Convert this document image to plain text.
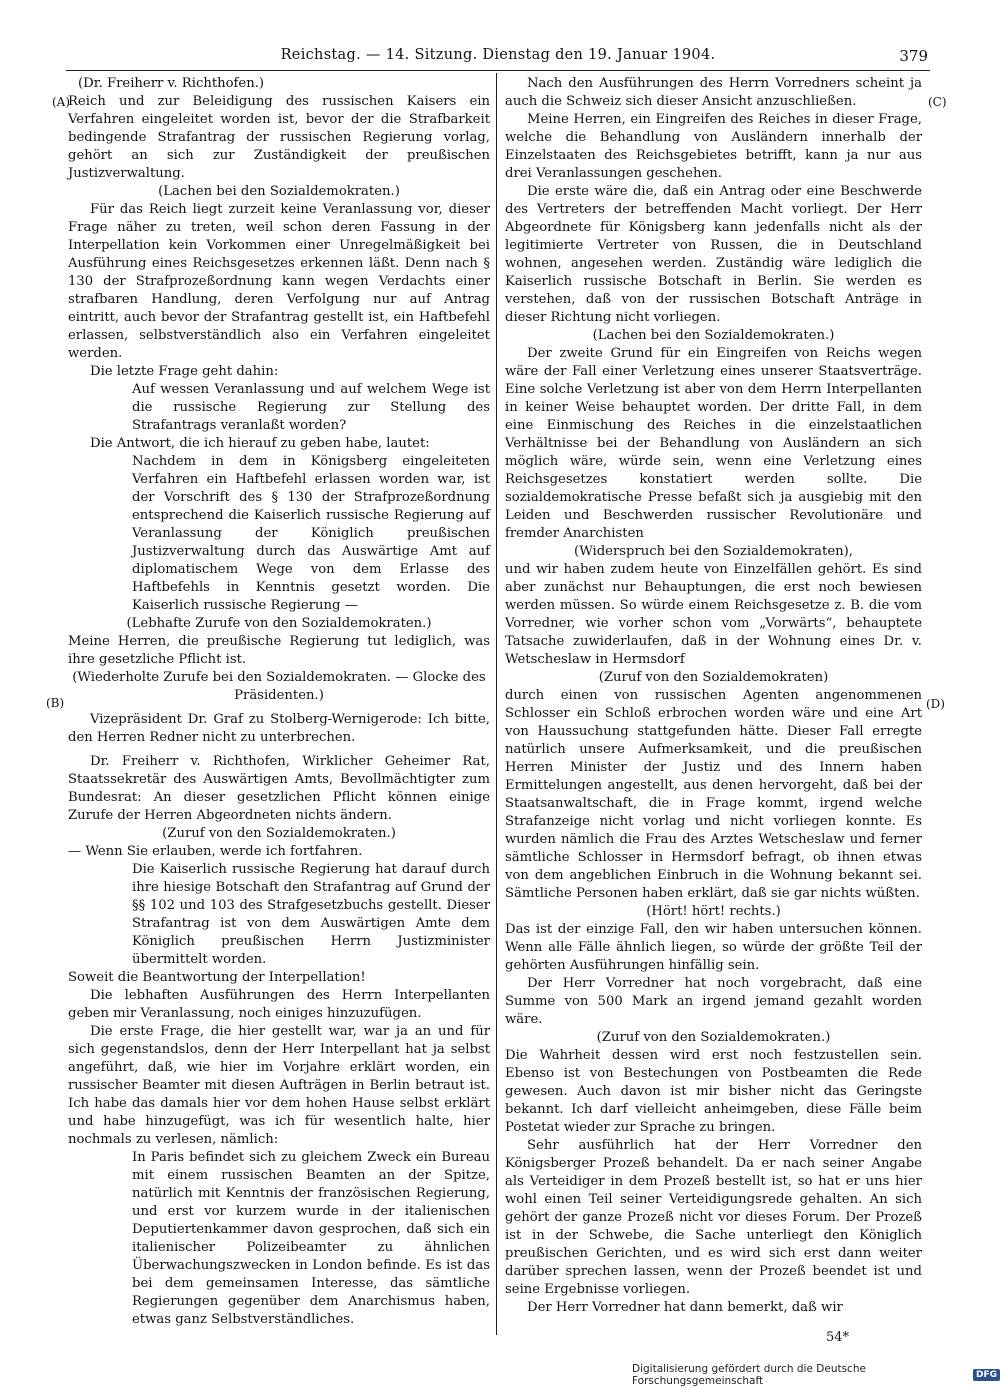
Reichstag. — 14. Sitzung. Dienstag den 19. Januar 1904.	379
(A)
(B)
(C)
(D)

(Dr. Freiherr v. Richthofen.)

Reich und zur Beleidigung des russischen Kaisers ein Verfahren eingeleitet worden ist, bevor der die Strafbarkeit bedingende Strafantrag der russischen Regierung vorlag, gehört an sich zur Zuständigkeit der preußischen Justizverwaltung.

(Lachen bei den Sozialdemokraten.)

Für das Reich liegt zurzeit keine Veranlassung vor, dieser Frage näher zu treten, weil schon deren Fassung in der Interpellation kein Vorkommen einer Unregelmäßigkeit bei Ausführung eines Reichsgesetzes erkennen läßt. Denn nach § 130 der Strafprozeßordnung kann wegen Verdachts einer strafbaren Handlung, deren Verfolgung nur auf Antrag eintritt, auch bevor der Strafantrag gestellt ist, ein Haftbefehl erlassen, selbstverständlich also ein Verfahren eingeleitet werden.

Die letzte Frage geht dahin:

Auf wessen Veranlassung und auf welchem Wege ist die russische Regierung zur Stellung des Strafantrags veranlaßt worden?

Die Antwort, die ich hierauf zu geben habe, lautet:

Nachdem in dem in Königsberg eingeleiteten Verfahren ein Haftbefehl erlassen worden war, ist der Vorschrift des § 130 der Strafprozeßordnung entsprechend die Kaiserlich russische Regierung auf Veranlassung der Königlich preußischen Justizverwaltung durch das Auswärtige Amt auf diplomatischem Wege von dem Erlasse des Haftbefehls in Kenntnis gesetzt worden. Die Kaiserlich russische Regierung —

(Lebhafte Zurufe von den Sozialdemokraten.)

Meine Herren, die preußische Regierung tut lediglich, was ihre gesetzliche Pflicht ist.

(Wiederholte Zurufe bei den Sozialdemokraten. — Glocke des Präsidenten.)

Vizepräsident Dr. Graf zu Stolberg-Wernigerode: Ich bitte, den Herren Redner nicht zu unterbrechen.

Dr. Freiherr v. Richthofen, Wirklicher Geheimer Rat, Staatssekretär des Auswärtigen Amts, Bevollmächtigter zum Bundesrat: An dieser gesetzlichen Pflicht können einige Zurufe der Herren Abgeordneten nichts ändern.

(Zuruf von den Sozialdemokraten.)

— Wenn Sie erlauben, werde ich fortfahren.

Die Kaiserlich russische Regierung hat darauf durch ihre hiesige Botschaft den Strafantrag auf Grund der §§ 102 und 103 des Strafgesetzbuchs gestellt. Dieser Strafantrag ist von dem Auswärtigen Amte dem Königlich preußischen Herrn Justizminister übermittelt worden.

Soweit die Beantwortung der Interpellation!

Die lebhaften Ausführungen des Herrn Interpellanten geben mir Veranlassung, noch einiges hinzuzufügen.

Die erste Frage, die hier gestellt war, war ja an und für sich gegenstandslos, denn der Herr Interpellant hat ja selbst angeführt, daß, wie hier im Vorjahre erklärt worden, ein russischer Beamter mit diesen Aufträgen in Berlin betraut ist. Ich habe das damals hier vor dem hohen Hause selbst erklärt und habe hinzugefügt, was ich für wesentlich halte, hier nochmals zu verlesen, nämlich:

In Paris befindet sich zu gleichem Zweck ein Bureau mit einem russischen Beamten an der Spitze, natürlich mit Kenntnis der französischen Regierung, und erst vor kurzem wurde in der italienischen Deputiertenkammer davon gesprochen, daß sich ein italienischer Polizeibeamter zu ähnlichen Überwachungszwecken in London befinde. Es ist das bei dem gemeinsamen Interesse, das sämtliche Regierungen gegenüber dem Anarchismus haben, etwas ganz Selbstverständliches.

Nach den Ausführungen des Herrn Vorredners scheint ja auch die Schweiz sich dieser Ansicht anzuschließen.

Meine Herren, ein Eingreifen des Reiches in dieser Frage, welche die Behandlung von Ausländern innerhalb der Einzelstaaten des Reichsgebietes betrifft, kann ja nur aus drei Veranlassungen geschehen.

Die erste wäre die, daß ein Antrag oder eine Beschwerde des Vertreters der betreffenden Macht vorliegt. Der Herr Abgeordnete für Königsberg kann jedenfalls nicht als der legitimierte Vertreter von Russen, die in Deutschland wohnen, angesehen werden. Zuständig wäre lediglich die Kaiserlich russische Botschaft in Berlin. Sie werden es verstehen, daß von der russischen Botschaft Anträge in dieser Richtung nicht vorliegen.

(Lachen bei den Sozialdemokraten.)

Der zweite Grund für ein Eingreifen von Reichs wegen wäre der Fall einer Verletzung eines unserer Staatsverträge. Eine solche Verletzung ist aber von dem Herrn Interpellanten in keiner Weise behauptet worden. Der dritte Fall, in dem eine Einmischung des Reiches in die einzelstaatlichen Verhältnisse bei der Behandlung von Ausländern an sich möglich wäre, würde sein, wenn eine Verletzung eines Reichsgesetzes konstatiert werden sollte. Die sozialdemokratische Presse befaßt sich ja ausgiebig mit den Leiden und Beschwerden russischer Revolutionäre und fremder Anarchisten

(Widerspruch bei den Sozialdemokraten),

und wir haben zudem heute von Einzelfällen gehört. Es sind aber zunächst nur Behauptungen, die erst noch bewiesen werden müssen. So würde einem Reichsgesetze z. B. die vom Vorredner, wie vorher schon vom „Vorwärts“, behauptete Tatsache zuwiderlaufen, daß in der Wohnung eines Dr. v. Wetscheslaw in Hermsdorf

(Zuruf von den Sozialdemokraten)

durch einen von russischen Agenten angenommenen Schlosser ein Schloß erbrochen worden wäre und eine Art von Haussuchung stattgefunden hätte. Dieser Fall erregte natürlich unsere Aufmerksamkeit, und die preußischen Herren Minister der Justiz und des Innern haben Ermittelungen angestellt, aus denen hervorgeht, daß bei der Staatsanwaltschaft, die in Frage kommt, irgend welche Strafanzeige nicht vorlag und nicht vorliegen konnte. Es wurden nämlich die Frau des Arztes Wetscheslaw und ferner sämtliche Schlosser in Hermsdorf befragt, ob ihnen etwas von dem angeblichen Einbruch in die Wohnung bekannt sei. Sämtliche Personen haben erklärt, daß sie gar nichts wüßten.

(Hört! hört! rechts.)

Das ist der einzige Fall, den wir haben untersuchen können. Wenn alle Fälle ähnlich liegen, so würde der größte Teil der gehörten Ausführungen hinfällig sein.

Der Herr Vorredner hat noch vorgebracht, daß eine Summe von 500 Mark an irgend jemand gezahlt worden wäre.

(Zuruf von den Sozialdemokraten.)

Die Wahrheit dessen wird erst noch festzustellen sein. Ebenso ist von Bestechungen von Postbeamten die Rede gewesen. Auch davon ist mir bisher nicht das Geringste bekannt. Ich darf vielleicht anheimgeben, diese Fälle beim Postetat wieder zur Sprache zu bringen.

Sehr ausführlich hat der Herr Vorredner den Königsberger Prozeß behandelt. Da er nach seiner Angabe als Verteidiger in dem Prozeß bestellt ist, so hat er uns hier wohl einen Teil seiner Verteidigungsrede gehalten. An sich gehört der ganze Prozeß nicht vor dieses Forum. Der Prozeß ist in der Schwebe, die Sache unterliegt den Königlich preußischen Gerichten, und es wird sich erst dann weiter darüber sprechen lassen, wenn der Prozeß beendet ist und seine Ergebnisse vorliegen.

Der Herr Vorredner hat dann bemerkt, daß wir

54*
Digitalisierung gefördert durch die Deutsche Forschungsgemeinschaft	DFG
